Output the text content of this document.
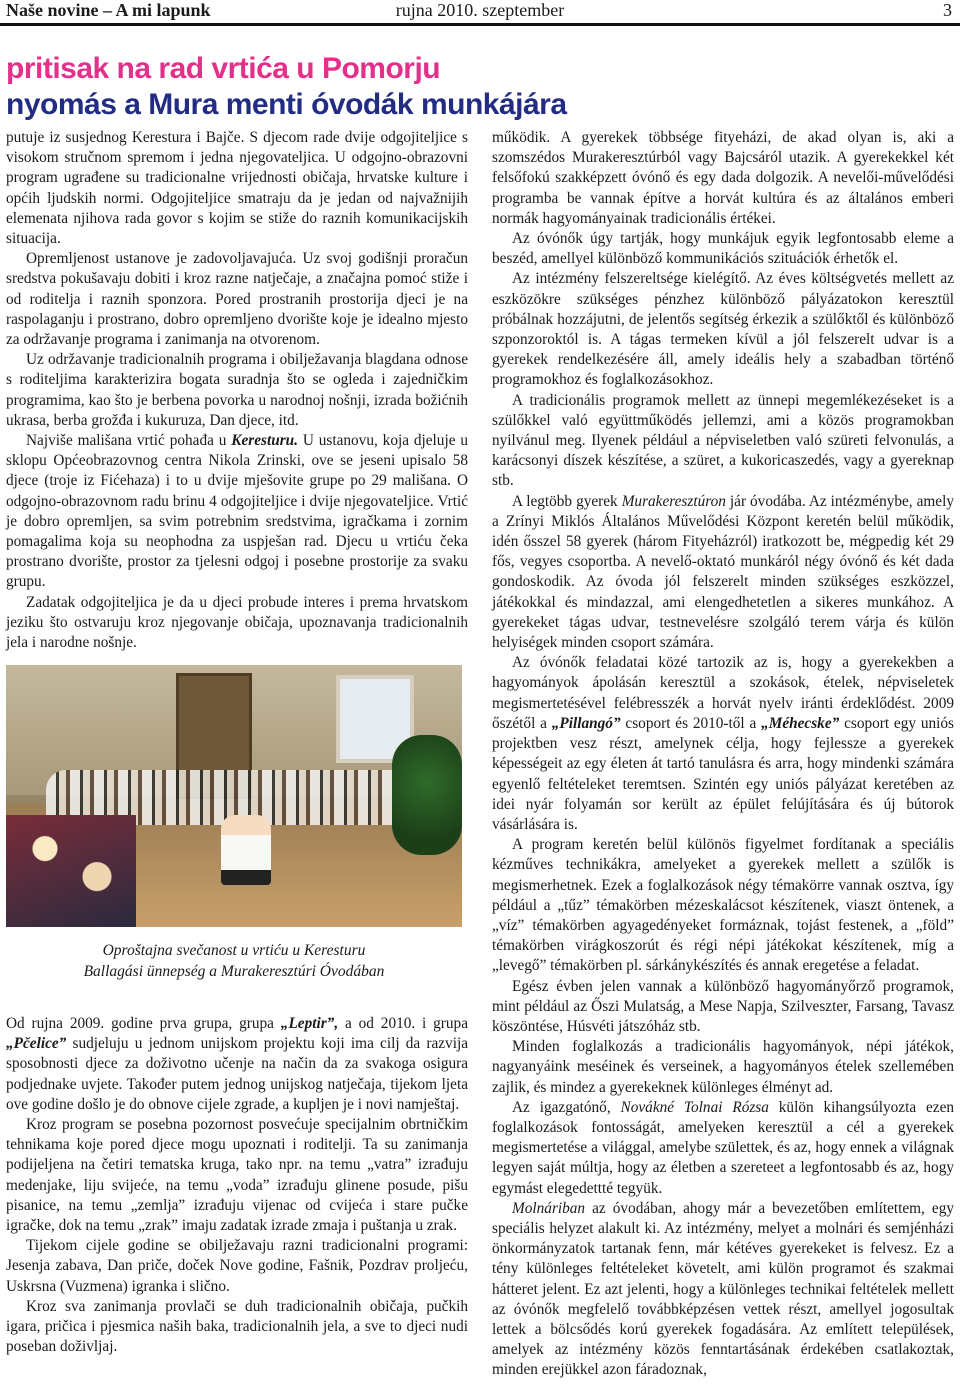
Naše novine – A mi lapunk	rujna 2010. szeptember	3
pritisak na rad vrtića u Pomorju
nyomás a Mura menti óvodák munkájára

putuje iz susjednog Kerestura i Bajče. S djecom rade dvije odgojiteljice s visokom stručnom spremom i jedna njegovateljica. U odgojno-obrazovni program ugrađene su tradicionalne vrijednosti običaja, hrvatske kulture i općih ljudskih normi. Odgojiteljice smatraju da je jedan od najvažnijih elemenata njihova rada govor s kojim se stiže do raznih komunikacijskih situacija.

Opremljenost ustanove je zadovoljavajuća. Uz svoj godišnji proračun sredstva pokušavaju dobiti i kroz razne natječaje, a značajna pomoć stiže i od roditelja i raznih sponzora. Pored prostranih prostorija djeci je na raspolaganju i prostrano, dobro opremljeno dvorište koje je idealno mjesto za održavanje programa i zanimanja na otvorenom.

Uz održavanje tradicionalnih programa i obilježavanja blagdana odnose s roditeljima karakterizira bogata suradnja što se ogleda i zajedničkim programima, kao što je berbena povorka u narodnoj nošnji, izrada božićnih ukrasa, berba grožđa i kukuruza, Dan djece, itd.

Najviše mališana vrtić pohađa u Keresturu. U ustanovu, koja djeluje u sklopu Općeobrazovnog centra Nikola Zrinski, ove se jeseni upisalo 58 djece (troje iz Fićehaza) i to u dvije mješovite grupe po 29 mališana. O odgojno-obrazovnom radu brinu 4 odgojiteljice i dvije njegovateljice. Vrtić je dobro opremljen, sa svim potrebnim sredstvima, igračkama i zornim pomagalima koja su neophodna za uspješan rad. Djecu u vrtiću čeka prostrano dvorište, prostor za tjelesni odgoj i posebne prostorije za svaku grupu.

Zadatak odgojiteljica je da u djeci probude interes i prema hrvatskom jeziku što ostvaruju kroz njegovanje običaja, upoznavanja tradicionalnih jela i narodne nošnje.

Oproštajna svečanost u vrtiću u Keresturu
Ballagási ünnepség a Murakeresztúri Óvodában

Od rujna 2009. godine prva grupa, grupa „Leptir”, a od 2010. i grupa „Pčelice” sudjeluju u jednom unijskom projektu koji ima cilj da razvija sposobnosti djece za doživotno učenje na način da za svakoga osigura podjednake uvjete. Također putem jednog unijskog natječaja, tijekom ljeta ove godine došlo je do obnove cijele zgrade, a kupljen je i novi namještaj.

Kroz program se posebna pozornost posvećuje specijalnim obrtničkim tehnikama koje pored djece mogu upoznati i roditelji. Ta su zanimanja podijeljena na četiri tematska kruga, tako npr. na temu „vatra” izrađuju medenjake, liju svijeće, na temu „voda” izrađuju glinene posude, pišu pisanice, na temu „zemlja” izrađuju vijenac od cvijeća i stare pučke igračke, dok na temu „zrak” imaju zadatak izrade zmaja i puštanja u zrak.

Tijekom cijele godine se obilježavaju razni tradicionalni programi: Jesenja zabava, Dan priče, doček Nove godine, Fašnik, Pozdrav proljeću, Uskrsna (Vuzmena) igranka i slično.

Kroz sva zanimanja provlači se duh tradicionalnih običaja, pučkih igara, pričica i pjesmica naših baka, tradicionalnih jela, a sve to djeci nudi poseban doživljaj.

működik. A gyerekek többsége fityeházi, de akad olyan is, aki a szomszédos Murakeresztúrból vagy Bajcsáról utazik. A gyerekekkel két felsőfokú szakképzett óvónő és egy dada dolgozik. A nevelői-művelődési programba be vannak építve a horvát kultúra és az általános emberi normák hagyományainak tradicionális értékei.

Az óvónők úgy tartják, hogy munkájuk egyik legfontosabb eleme a beszéd, amellyel különböző kommunikációs szituációk érhetők el.

Az intézmény felszereltsége kielégítő. Az éves költségvetés mellett az eszközökre szükséges pénzhez különböző pályázatokon keresztül próbálnak hozzájutni, de jelentős segítség érkezik a szülőktől és különböző szponzoroktól is. A tágas termeken kívül a jól felszerelt udvar is a gyerekek rendelkezésére áll, amely ideális hely a szabadban történő programokhoz és foglalkozásokhoz.

A tradicionális programok mellett az ünnepi megemlékezéseket is a szülőkkel való együttműködés jellemzi, ami a közös programokban nyilvánul meg. Ilyenek például a népviseletben való szüreti felvonulás, a karácsonyi díszek készítése, a szüret, a kukoricaszedés, vagy a gyereknap stb.

A legtöbb gyerek Murakeresztúron jár óvodába. Az intézménybe, amely a Zrínyi Miklós Általános Művelődési Központ keretén belül működik, idén ősszel 58 gyerek (három Fityeházról) iratkozott be, mégpedig két 29 fős, vegyes csoportba. A nevelő-oktató munkáról négy óvónő és két dada gondoskodik. Az óvoda jól felszerelt minden szükséges eszközzel, játékokkal és mindazzal, ami elengedhetetlen a sikeres munkához. A gyerekeket tágas udvar, testnevelésre szolgáló terem várja és külön helyiségek minden csoport számára.

Az óvónők feladatai közé tartozik az is, hogy a gyerekekben a hagyományok ápolásán keresztül a szokások, ételek, népviseletek megismertetésével felébresszék a horvát nyelv iránti érdeklődést. 2009 őszétől a „Pillangó” csoport és 2010-től a „Méhecske” csoport egy uniós projektben vesz részt, amelynek célja, hogy fejlessze a gyerekek képességeit az egy életen át tartó tanulásra és arra, hogy mindenki számára egyenlő feltételeket teremtsen. Szintén egy uniós pályázat keretében az idei nyár folyamán sor került az épület felújítására és új bútorok vásárlására is.

A program keretén belül különös figyelmet fordítanak a speciális kézműves technikákra, amelyeket a gyerekek mellett a szülők is megismerhetnek. Ezek a foglalkozások négy témakörre vannak osztva, így például a „tűz” témakörben mézeskalácsot készítenek, viaszt öntenek, a „víz” témakörben agyagedényeket formáznak, tojást festenek, a „föld” témakörben virágkoszorút és régi népi játékokat készítenek, míg a „levegő” témakörben pl. sárkánykészítés és annak eregetése a feladat.

Egész évben jelen vannak a különböző hagyományőrző programok, mint például az Őszi Mulatság, a Mese Napja, Szilveszter, Farsang, Tavasz köszöntése, Húsvéti játszóház stb.

Minden foglalkozás a tradicionális hagyományok, népi játékok, nagyanyáink meséinek és verseinek, a hagyományos ételek szellemében zajlik, és mindez a gyerekeknek különleges élményt ad.

Az igazgatónő, Novákné Tolnai Rózsa külön kihangsúlyozta ezen foglalkozások fontosságát, amelyeken keresztül a cél a gyerekek megismertetése a világgal, amelybe születtek, és az, hogy ennek a világnak legyen saját múltja, hogy az életben a szereteet a legfontosabb és az, hogy egymást elegedettté tegyük.

Molnáriban az óvodában, ahogy már a bevezetőben említettem, egy speciális helyzet alakult ki. Az intézmény, melyet a molnári és semjénházi önkormányzatok tartanak fenn, már kétéves gyerekeket is felvesz. Ez a tény különleges feltételeket követelt, ami külön programot és szakmai hátteret jelent. Ez azt jelenti, hogy a különleges technikai feltételek mellett az óvónők megfelelő továbbképzésen vettek részt, amellyel jogosultak lettek a bölcsődés korú gyerekek fogadására. Az említett települések, amelyek az intézmény közös fenntartásának érdekében csatlakoztak, minden erejükkel azon fáradoznak,
